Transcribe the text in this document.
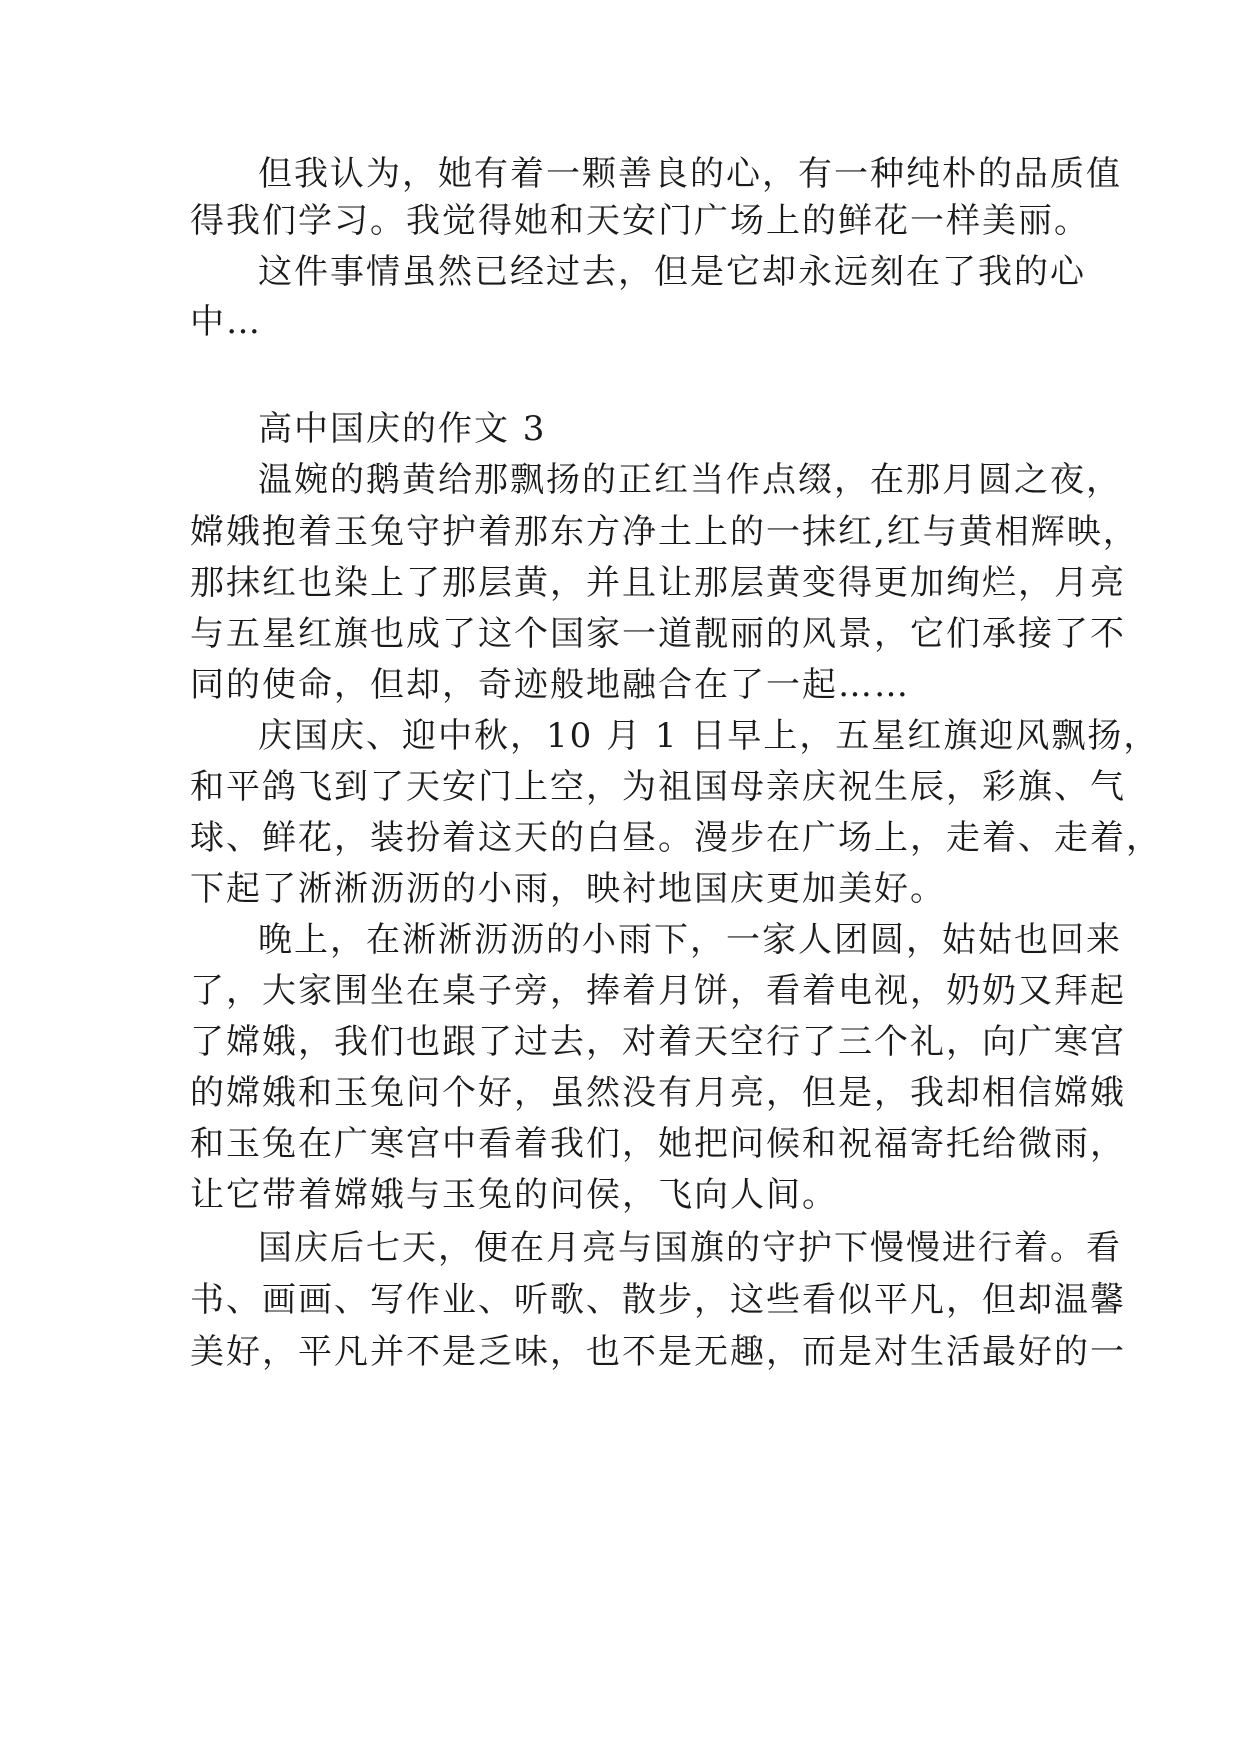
但我认为，她有着一颗善良的心，有一种纯朴的品质值
得我们学习。我觉得她和天安门广场上的鲜花一样美丽。
这件事情虽然已经过去，但是它却永远刻在了我的心
中…
高中国庆的作文 3
温婉的鹅黄给那飘扬的正红当作点缀，在那月圆之夜，
嫦娥抱着玉兔守护着那东方净土上的一抹红,红与黄相辉映，
那抹红也染上了那层黄，并且让那层黄变得更加绚烂，月亮
与五星红旗也成了这个国家一道靓丽的风景，它们承接了不
同的使命，但却，奇迹般地融合在了一起……
庆国庆、迎中秋，10 月 1 日早上，五星红旗迎风飘扬，
和平鸽飞到了天安门上空，为祖国母亲庆祝生辰，彩旗、气
球、鲜花，装扮着这天的白昼。漫步在广场上，走着、走着，
下起了淅淅沥沥的小雨，映衬地国庆更加美好。
晚上，在淅淅沥沥的小雨下，一家人团圆，姑姑也回来
了，大家围坐在桌子旁，捧着月饼，看着电视，奶奶又拜起
了嫦娥，我们也跟了过去，对着天空行了三个礼，向广寒宫
的嫦娥和玉兔问个好，虽然没有月亮，但是，我却相信嫦娥
和玉兔在广寒宫中看着我们，她把问候和祝福寄托给微雨，
让它带着嫦娥与玉兔的问侯，飞向人间。
国庆后七天，便在月亮与国旗的守护下慢慢进行着。看
书、画画、写作业、听歌、散步，这些看似平凡，但却温馨
美好，平凡并不是乏味，也不是无趣，而是对生活最好的一
